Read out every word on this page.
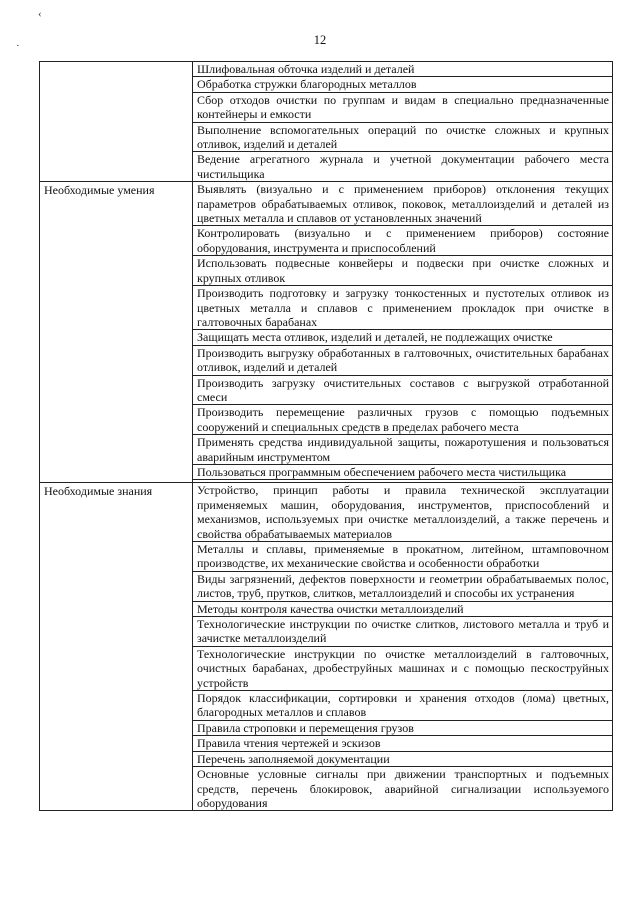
‹
·	12
	Шлифовальная обточка изделий и деталей
	Обработка стружки благородных металлов
	Сбор отходов очистки по группам и видам в специально предназначенные контейнеры и емкости
	Выполнение вспомогательных операций по очистке сложных и крупных отливок, изделий и деталей
	Ведение агрегатного журнала и учетной документации рабочего места чистильщика
Необходимые умения	Выявлять (визуально и с применением приборов) отклонения текущих параметров обрабатываемых отливок, поковок, металлоизделий и деталей из цветных металла и сплавов от установленных значений
	Контролировать (визуально и с применением приборов) состояние оборудования, инструмента и приспособлений
	Использовать подвесные конвейеры и подвески при очистке сложных и крупных отливок
	Производить подготовку и загрузку тонкостенных и пустотелых отливок из цветных металла и сплавов с применением прокладок при очистке в галтовочных барабанах
	Защищать места отливок, изделий и деталей, не подлежащих очистке
	Производить выгрузку обработанных в галтовочных, очистительных барабанах отливок, изделий и деталей
	Производить загрузку очистительных составов с выгрузкой отработанной смеси
	Производить перемещение различных грузов с помощью подъемных сооружений и специальных средств в пределах рабочего места
	Применять средства индивидуальной защиты, пожаротушения и пользоваться аварийным инструментом
	Пользоваться программным обеспечением рабочего места чистильщика

Необходимые знания	Устройство, принцип работы и правила технической эксплуатации применяемых машин, оборудования, инструментов, приспособлений и механизмов, используемых при очистке металлоизделий, а также перечень и свойства обрабатываемых материалов
	Металлы и сплавы, применяемые в прокатном, литейном, штамповочном производстве, их механические свойства и особенности обработки
	Виды загрязнений, дефектов поверхности и геометрии обрабатываемых полос, листов, труб, прутков, слитков, металлоизделий и способы их устранения
	Методы контроля качества очистки металлоизделий
	Технологические инструкции по очистке слитков, листового металла и труб и зачистке металлоизделий
	Технологические инструкции по очистке металлоизделий в галтовочных, очистных барабанах, дробеструйных машинах и с помощью пескоструйных устройств
	Порядок классификации, сортировки и хранения отходов (лома) цветных, благородных металлов и сплавов
	Правила строповки и перемещения грузов
	Правила чтения чертежей и эскизов
	Перечень заполняемой документации
	Основные условные сигналы при движении транспортных и подъемных средств, перечень блокировок, аварийной сигнализации используемого оборудования
